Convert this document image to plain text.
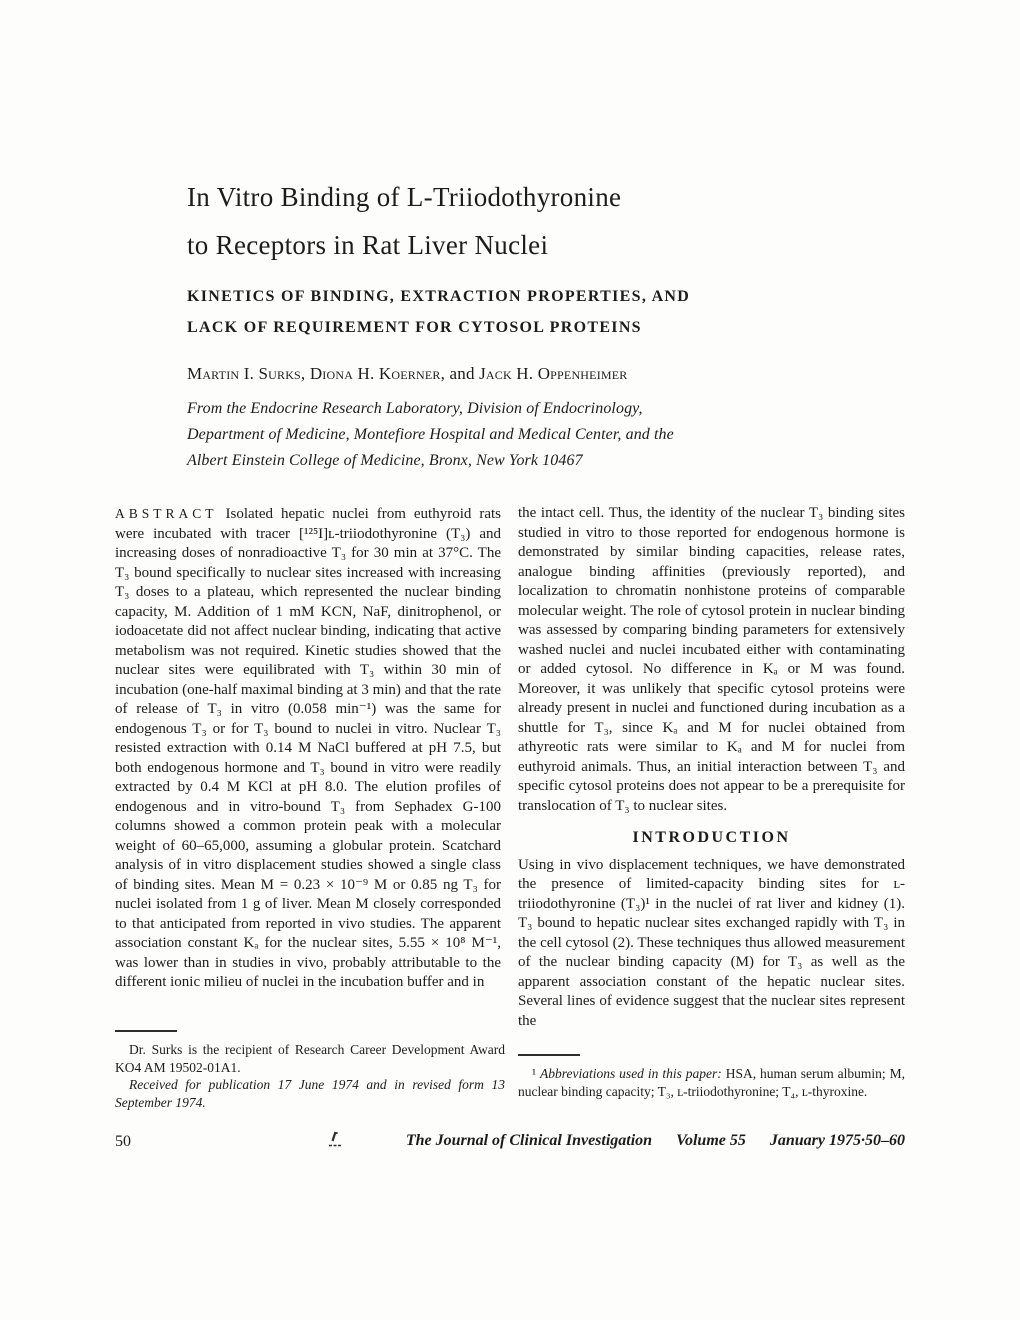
In Vitro Binding of L-Triiodothyronine
to Receptors in Rat Liver Nuclei
KINETICS OF BINDING, EXTRACTION PROPERTIES, AND
LACK OF REQUIREMENT FOR CYTOSOL PROTEINS
Martin I. Surks, Diona H. Koerner, and Jack H. Oppenheimer
From the Endocrine Research Laboratory, Division of Endocrinology,
Department of Medicine, Montefiore Hospital and Medical Center, and the
Albert Einstein College of Medicine, Bronx, New York 10467

ABSTRACT Isolated hepatic nuclei from euthyroid rats were incubated with tracer [¹²⁵I]ʟ-triiodothyronine (T₃) and increasing doses of nonradioactive T₃ for 30 min at 37°C. The T₃ bound specifically to nuclear sites increased with increasing T₃ doses to a plateau, which represented the nuclear binding capacity, M. Addition of 1 mM KCN, NaF, dinitrophenol, or iodoacetate did not affect nuclear binding, indicating that active metabolism was not required. Kinetic studies showed that the nuclear sites were equilibrated with T₃ within 30 min of incubation (one-half maximal binding at 3 min) and that the rate of release of T₃ in vitro (0.058 min⁻¹) was the same for endogenous T₃ or for T₃ bound to nuclei in vitro. Nuclear T₃ resisted extraction with 0.14 M NaCl buffered at pH 7.5, but both endogenous hormone and T₃ bound in vitro were readily extracted by 0.4 M KCl at pH 8.0. The elution profiles of endogenous and in vitro-bound T₃ from Sephadex G-100 columns showed a common protein peak with a molecular weight of 60–65,000, assuming a globular protein. Scatchard analysis of in vitro displacement studies showed a single class of binding sites. Mean M = 0.23 × 10⁻⁹ M or 0.85 ng T₃ for nuclei isolated from 1 g of liver. Mean M closely corresponded to that anticipated from reported in vivo studies. The apparent association constant Kₐ for the nuclear sites, 5.55 × 10⁸ M⁻¹, was lower than in studies in vivo, probably attributable to the different ionic milieu of nuclei in the incubation buffer and in

the intact cell. Thus, the identity of the nuclear T₃ binding sites studied in vitro to those reported for endogenous hormone is demonstrated by similar binding capacities, release rates, analogue binding affinities (previously reported), and localization to chromatin nonhistone proteins of comparable molecular weight. The role of cytosol protein in nuclear binding was assessed by comparing binding parameters for extensively washed nuclei and nuclei incubated either with contaminating or added cytosol. No difference in Kₐ or M was found. Moreover, it was unlikely that specific cytosol proteins were already present in nuclei and functioned during incubation as a shuttle for T₃, since Kₐ and M for nuclei obtained from athyreotic rats were similar to Kₐ and M for nuclei from euthyroid animals. Thus, an initial interaction between T₃ and specific cytosol proteins does not appear to be a prerequisite for translocation of T₃ to nuclear sites.

INTRODUCTION

Using in vivo displacement techniques, we have demonstrated the presence of limited-capacity binding sites for ʟ-triiodothyronine (T₃)¹ in the nuclei of rat liver and kidney (1). T₃ bound to hepatic nuclear sites exchanged rapidly with T₃ in the cell cytosol (2). These techniques thus allowed measurement of the nuclear binding capacity (M) for T₃ as well as the apparent association constant of the hepatic nuclear sites. Several lines of evidence suggest that the nuclear sites represent the

Dr. Surks is the recipient of Research Career Development Award KO4 AM 19502-01A1.

Received for publication 17 June 1974 and in revised form 13 September 1974.

¹ Abbreviations used in this paper: HSA, human serum albumin; M, nuclear binding capacity; T₃, ʟ-triiodothyronine; T₄, ʟ-thyroxine.

50	The Journal of Clinical Investigation Volume 55 January 1975·50–60
